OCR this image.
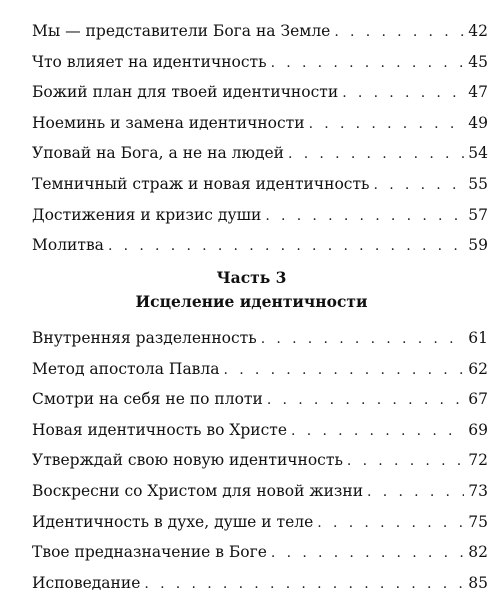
Мы — представители Бога на Земле . . .	42
Что влияет на идентичность . . .	45
Божий план для твоей идентичности . . .	47
Ноеминь и замена идентичности . . .	49
Уповай на Бога, а не на людей . . .	54
Темничный страж и новая идентичность . . .	55
Достижения и кризис души . . .	57
Молитва . . .	59
Часть 3
Исцеление идентичности
Внутренняя разделенность . . .	61
Метод апостола Павла . . .	62
Смотри на себя не по плоти . . .	67
Новая идентичность во Христе . . .	69
Утверждай свою новую идентичность . . .	72
Воскресни со Христом для новой жизни . . .	73
Идентичность в духе, душе и теле . . .	75
Твое предназначение в Боге . . .	82
Исповедание . . .	85
